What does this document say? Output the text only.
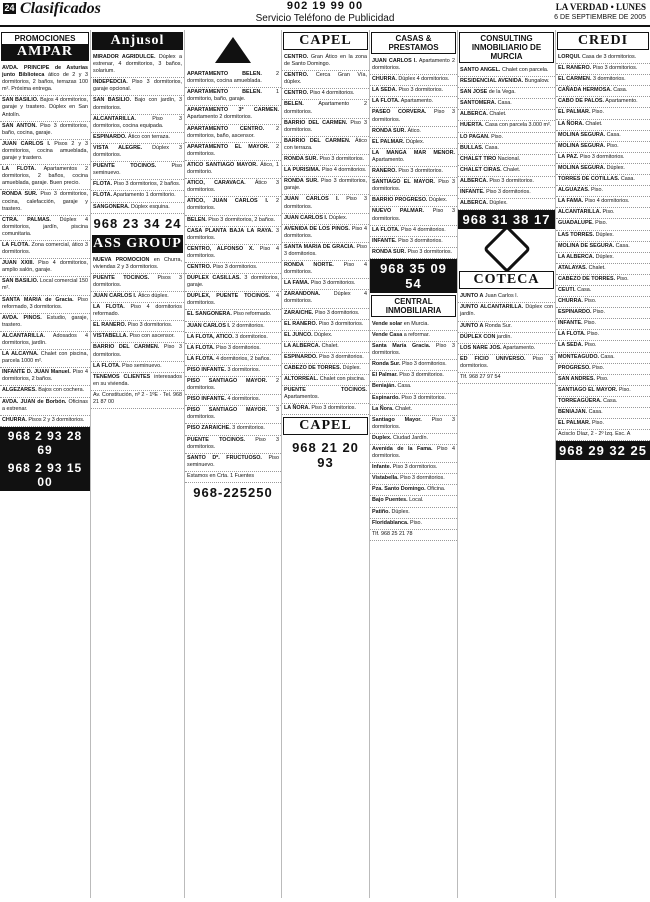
24 Clasificados	902 19 99 00
Servicio Teléfono de Publicidad
LA VERDAD • LUNES
6 DE SEPTIEMBRE DE 2005
PROMOCIONES
AMPAR
AVDA. PRINCIPE de Asturias junto Biblioteca ático de 2 y 3 dormitorios, 2 baños, terrazas 100 m². Próxima entrega.
SAN BASILIO. Bajos 4 dormitorios, garaje y trastero. Dúplex en San Antolín.
SAN ANTON. Piso 3 dormitorios, baño, cocina, garaje.
JUAN CARLOS I. Pisos 2 y 3 dormitorios, cocina amueblada, garaje y trastero.
LA FLOTA. Apartamentos 2 dormitorios, 2 baños, cocina amueblada, garaje. Buen precio.
RONDA SUR. Piso 3 dormitorios, cocina, calefacción, garaje y trastero.
CTRA. PALMAS. Dúplex 4 dormitorios, jardín, piscina comunitaria.
LA FLOTA. Zona comercial, ático 3 dormitorios.
JUAN XXIII. Piso 4 dormitorios, amplio salón, garaje.
SAN BASILIO. Local comercial 150 m².
SANTA MARIA de Gracia. Piso reformado, 3 dormitorios.
AVDA. PINOS. Estudio, garaje, trastero.
ALCANTARILLA. Adosados 4 dormitorios, jardín.
LA ALCAYNA. Chalet con piscina, parcela 1000 m².
INFANTE D. JUAN Manuel. Piso 4 dormitorios, 2 baños.
ALGEZARES. Bajos con cochera.
AVDA. JUAN de Borbón. Oficinas a estrenar.
CHURRA. Pisos 2 y 3 dormitorios.
968 2 93 28 69
968 2 93 15 00
Anjusol
MIRADOR AGRIDULCE. Dúplex a estrenar, 4 dormitorios, 3 baños, solarium.
INDEPEDCIA. Piso 3 dormitorios, garaje opcional.
SAN BASILIO. Bajo con jardín, 3 dormitorios.
ALCANTARILLA.	Piso 3 dormitorios, cocina equipada.
ESPINARDO. Ático con terraza.
VISTA ALEGRE. Dúplex 3 dormitorios.
PUENTE TOCINOS.	Piso seminuevo.
FLOTA. Piso 3 dormitorios, 2 baños.
FLOTA. Apartamento 1 dormitorio.
SANGONERA. Dúplex esquina.
968 23 34 24
ASS GROUP
NUEVA PROMOCION en Churra, viviendas 2 y 3 dormitorios.
PUENTE TOCINOS. Pisos 3 dormitorios.
JUAN CARLOS I. Ático dúplex.
LA FLOTA. Piso 4 dormitorios reformado.
EL RANERO. Piso 3 dormitorios.
VISTABELLA. Piso con ascensor.
BARRIO DEL CARMEN. Piso 3 dormitorios.
LA FLOTA. Piso seminuevo.
TENEMOS CLIENTES interesados en su vivienda.
Av. Constitución, nº 2 - 1ºE · Tel. 968 21 87 00
APARTAMENTO BELEN.	2 dormitorios, cocina amueblada.
APARTAMENTO BELEN.	1 dormitorio, baño, garaje.
APARTAMENTO 3º CARMEN. Apartamento 2 dormitorios.
APARTAMENTO CENTRO. 2 dormitorios, baño, ascensor.
APARTAMENTO EL MAYOR. 2 dormitorios.
ATICO SANTIAGO MAYOR. Ático, 1 dormitorio.
ATICO, CARAVACA. Ático 3 dormitorios.
ATICO, JUAN CARLOS I. 2 dormitorios.
BELEN. Piso 3 dormitorios, 2 baños.
CASA PLANTA BAJA LA RAYA. 3 dormitorios.
CENTRO, ALFONSO X. Piso 4 dormitorios.
CENTRO. Piso 3 dormitorios.
DUPLEX CASILLAS. 3 dormitorios, garaje.
DUPLEX, PUENTE TOCINOS. 4 dormitorios.
EL SANGONERA. Piso reformado.
JUAN CARLOS I. 2 dormitorios.
LA FLOTA, ATICO. 3 dormitorios.
LA FLOTA. Piso 3 dormitorios.
LA FLOTA. 4 dormitorios, 2 baños.
PISO INFANTE. 3 dormitorios.
PISO SANTIAGO MAYOR. 2 dormitorios.
PISO INFANTE. 4 dormitorios.
PISO SANTIAGO MAYOR. 3 dormitorios.
PISO ZARAICHE. 3 dormitorios.
PUENTE TOCINOS. Piso 3 dormitorios.
SANTO Dº. FRUCTUOSO. Piso seminuevo.
Estamos en Crta. 1 Fuentes
968-225250
CAPEL
CENTRO. Gran Ático en la zona de Santo Domingo.
CENTRO. Cerca Gran Vía, dúplex.
CENTRO. Piso 4 dormitorios.
BELEN.	Apartamento 2 dormitorios.
BARRIO DEL CARMEN. Piso 3 dormitorios.
BARRIO DEL CARMEN. Ático con terraza.
RONDA SUR. Piso 3 dormitorios.
LA PURISIMA. Piso 4 dormitorios.
RONDA SUR. Piso 3 dormitorios, garaje.
JUAN CARLOS I. Piso 3 dormitorios.
JUAN CARLOS I. Dúplex.
AVENIDA DE LOS PINOS. Piso 4 dormitorios.
SANTA MARIA DE GRACIA. Piso 3 dormitorios.
RONDA NORTE. Piso 4 dormitorios.
LA FAMA. Piso 3 dormitorios.
ZARANDONA.	Dúplex 4 dormitorios.
ZARAICHE. Piso 3 dormitorios.
EL RANERO. Piso 3 dormitorios.
EL JUNCO. Dúplex.
LA ALBERCA. Chalet.
ESPINARDO. Piso 3 dormitorios.
CABEZO DE TORRES. Dúplex.
ALTORREAL. Chalet con piscina.
PUENTE TOCINOS. Apartamentos.
LA ÑORA. Piso 3 dormitorios.
CAPEL
968 21 20 93
CASAS & PRESTAMOS
JUAN CARLOS I. Apartamento 2 dormitorios.
CHURRA. Dúplex 4 dormitorios.
LA SEDA. Piso 3 dormitorios.
LA FLOTA. Apartamento.
PASEO CORVERA. Piso 3 dormitorios.
RONDA SUR. Ático.
EL PALMAR. Dúplex.
LA MANGA MAR MENOR. Apartamento.
RANERO. Piso 3 dormitorios.
SANTIAGO EL MAYOR. Piso 3 dormitorios.
BARRIO PROGRESO. Dúplex.
NUEVO PALMAR. Piso 3 dormitorios.
LA FLOTA. Piso 4 dormitorios.
INFANTE. Piso 3 dormitorios.
RONDA SUR. Piso 3 dormitorios.
968 35 09 54
CENTRAL INMOBILIARIA
Vende solar en Murcia.
Vende Casa a reformar.
Santa María Gracia. Piso 3 dormitorios.
Ronda Sur. Piso 3 dormitorios.
El Palmar. Piso 3 dormitorios.
Beniaján. Casa.
Espinardo. Piso 3 dormitorios.
La Ñora. Chalet.
Santiago Mayor. Piso 3 dormitorios.
Duplex. Ciudad Jardín.
Avenida de la Fama. Piso 4 dormitorios.
Infante. Piso 3 dormitorios.
Vistabella. Piso 3 dormitorios.
Pza. Santo Domingo. Oficina.
Bajo Puentes. Local.
Patiño. Dúplex.
Floridablanca. Piso.
Tlf. 968 25 21 78
CONSULTING INMOBILIARIO DE MURCIA
SANTO ANGEL. Chalet con parcela.
RESIDENCIAL AVENIDA. Bungalow.
SAN JOSE de la Vega.
SANTOMERA. Casa.
ALBERCA. Chalet.
HUERTA. Casa con parcela 3.000 m².
LO PAGAN. Piso.
BULLAS. Casa.
CHALET TIRO Nacional.
CHALET CIRAS. Chalet.
ALBERCA. Piso 3 dormitorios.
INFANTE. Piso 3 dormitorios.
ALBERCA. Dúplex.
968 31 38 17
COTECA
JUNTO A Juan Carlos I.
JUNTO ALCANTARILLA. Dúplex con jardín.
JUNTO A Ronda Sur.
DÚPLEX CON jardín.
LOS NARE JOS. Apartamento.
ED FICIO UNIVERSO. Piso 3 dormitorios.
Tlf. 968 27 97 54
CREDI
LORQUI. Casa de 3 dormitorios.
EL RANERO. Piso 3 dormitorios.
EL CARMEN. 3 dormitorios.
CAÑADA HERMOSA. Casa.
CABO DE PALOS. Apartamento.
EL PALMAR. Piso.
LA ÑORA. Chalet.
MOLINA SEGURA. Casa.
MOLINA SEGURA. Piso.
LA PAZ. Piso 3 dormitorios.
MOLINA SEGURA. Dúplex.
TORRES DE COTILLAS. Casa.
ALGUAZAS. Piso.
LA FAMA. Piso 4 dormitorios.
ALCANTARILLA. Piso.
GUADALUPE. Piso.
LAS TORRES. Dúplex.
MOLINA DE SEGURA. Casa.
LA ALBERCA. Dúplex.
ATALAYAS. Chalet.
CABEZO DE TORRES. Piso.
CEUTI. Casa.
CHURRA. Piso.
ESPINARDO. Piso.
INFANTE. Piso.
LA FLOTA. Piso.
LA SEDA. Piso.
MONTEAGUDO. Casa.
PROGRESO. Piso.
SAN ANDRES. Piso.
SANTIAGO EL MAYOR. Piso.
TORREAGÜERA. Casa.
BENIAJAN. Casa.
EL PALMAR. Piso.
Acisclo Díaz, 2 - 2º Izq. Esc. A
968 29 32 25
